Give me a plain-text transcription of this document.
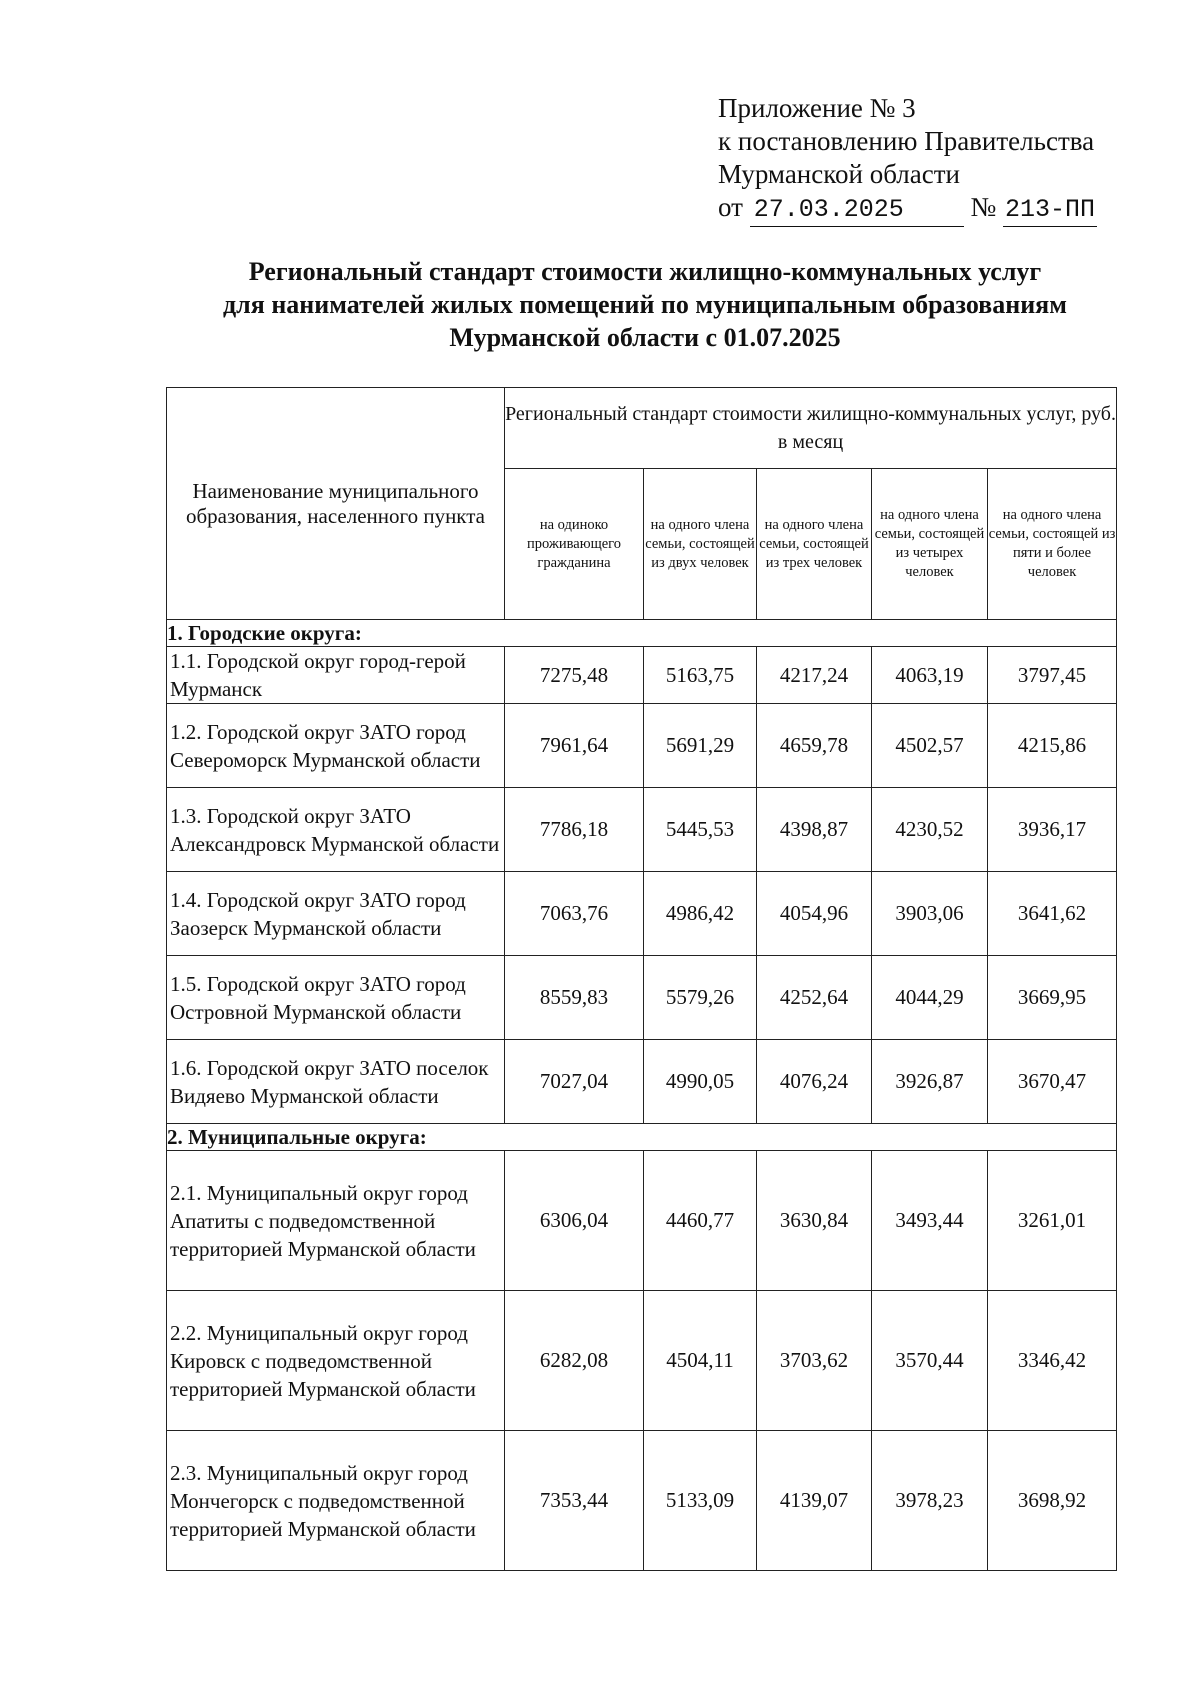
Приложение № 3
к постановлению Правительства
Мурманской области
от 27.03.2025 № 213-ПП
Региональный стандарт стоимости жилищно-коммунальных услуг
для нанимателей жилых помещений по муниципальным образованиям
Мурманской области с 01.07.2025
Наименование муниципального образования, населенного пункта	Региональный стандарт стоимости жилищно-коммунальных услуг, руб. в месяц				
	на одиноко проживающего гражданина	на одного члена семьи, состоящей из двух человек	на одного члена семьи, состоящей из трех человек	на одного члена семьи, состоящей из четырех человек	на одного члена семьи, состоящей из пяти и более человек
1. Городские округа:					
1.1. Городской округ город-герой Мурманск	7275,48	5163,75	4217,24	4063,19	3797,45
1.2. Городской округ ЗАТО город Североморск Мурманской области	7961,64	5691,29	4659,78	4502,57	4215,86
1.3. Городской округ ЗАТО Александровск Мурманской области	7786,18	5445,53	4398,87	4230,52	3936,17
1.4. Городской округ ЗАТО город Заозерск Мурманской области	7063,76	4986,42	4054,96	3903,06	3641,62
1.5. Городской округ ЗАТО город Островной Мурманской области	8559,83	5579,26	4252,64	4044,29	3669,95
1.6. Городской округ ЗАТО поселок Видяево Мурманской области	7027,04	4990,05	4076,24	3926,87	3670,47
2. Муниципальные округа:					
2.1. Муниципальный округ город Апатиты с подведомственной территорией Мурманской области	6306,04	4460,77	3630,84	3493,44	3261,01
2.2. Муниципальный округ город Кировск с подведомственной территорией Мурманской области	6282,08	4504,11	3703,62	3570,44	3346,42
2.3. Муниципальный округ город Мончегорск с подведомственной территорией Мурманской области	7353,44	5133,09	4139,07	3978,23	3698,92
